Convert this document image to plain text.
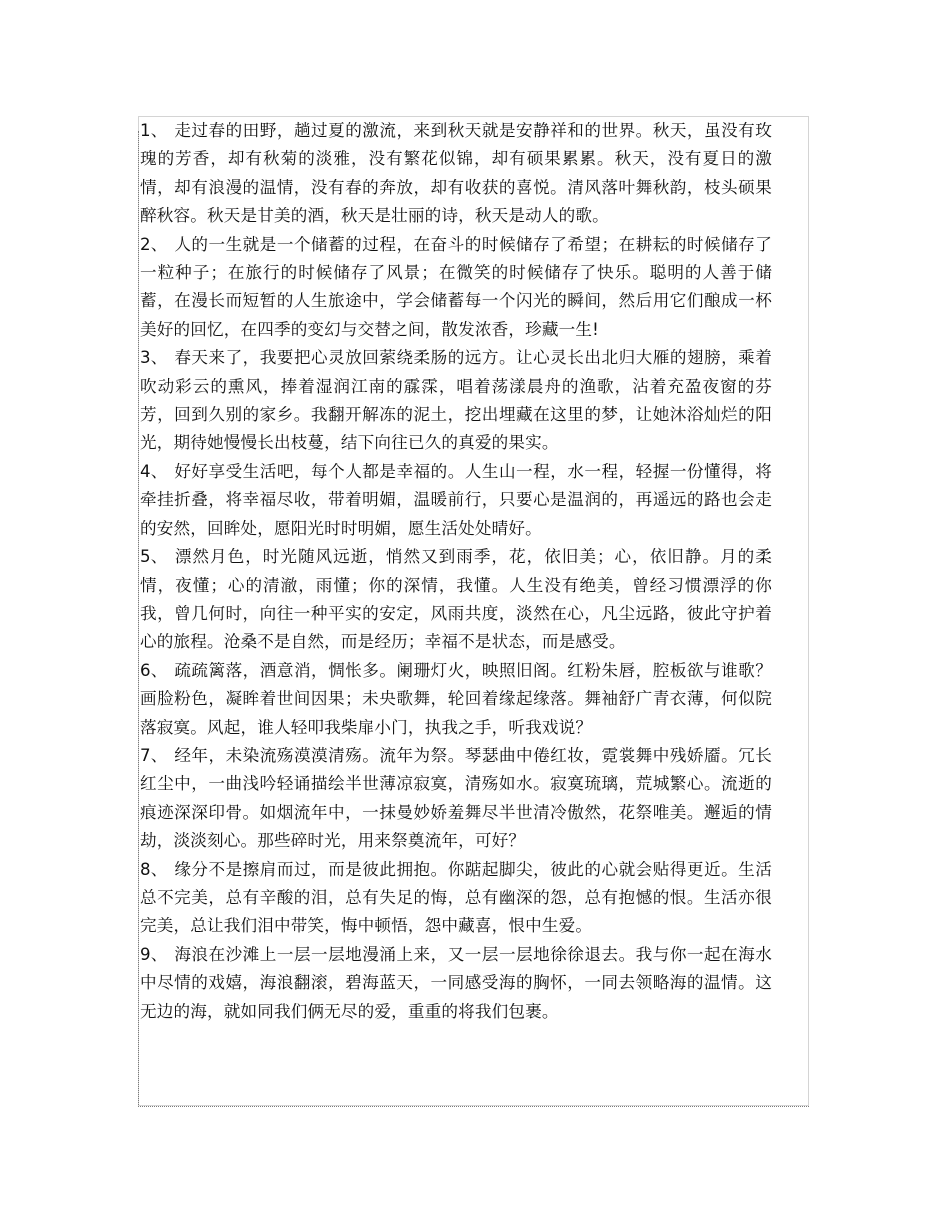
1、 走过春的田野，趟过夏的激流，来到秋天就是安静祥和的世界。秋天，虽没有玫瑰的芳香，却有秋菊的淡雅，没有繁花似锦，却有硕果累累。秋天，没有夏日的激情，却有浪漫的温情，没有春的奔放，却有收获的喜悦。清风落叶舞秋韵，枝头硕果醉秋容。秋天是甘美的酒，秋天是壮丽的诗，秋天是动人的歌。

2、 人的一生就是一个储蓄的过程，在奋斗的时候储存了希望；在耕耘的时候储存了一粒种子；在旅行的时候储存了风景；在微笑的时候储存了快乐。聪明的人善于储蓄，在漫长而短暂的人生旅途中，学会储蓄每一个闪光的瞬间，然后用它们酿成一杯美好的回忆，在四季的变幻与交替之间，散发浓香，珍藏一生!

3、 春天来了，我要把心灵放回萦绕柔肠的远方。让心灵长出北归大雁的翅膀，乘着吹动彩云的熏风，捧着湿润江南的霡霂，唱着荡漾晨舟的渔歌，沾着充盈夜窗的芬芳，回到久别的家乡。我翻开解冻的泥土，挖出埋藏在这里的梦，让她沐浴灿烂的阳光，期待她慢慢长出枝蔓，结下向往已久的真爱的果实。

4、 好好享受生活吧，每个人都是幸福的。人生山一程，水一程，轻握一份懂得，将牵挂折叠，将幸福尽收，带着明媚，温暖前行，只要心是温润的，再遥远的路也会走的安然，回眸处，愿阳光时时明媚，愿生活处处晴好。

5、 漂然月色，时光随风远逝，悄然又到雨季，花，依旧美；心，依旧静。月的柔情，夜懂；心的清澈，雨懂；你的深情，我懂。人生没有绝美，曾经习惯漂浮的你我，曾几何时，向往一种平实的安定，风雨共度，淡然在心，凡尘远路，彼此守护着心的旅程。沧桑不是自然，而是经历；幸福不是状态，而是感受。

6、 疏疏篱落，酒意消，惆怅多。阑珊灯火，映照旧阁。红粉朱唇，腔板欲与谁歌？画脸粉色，凝眸着世间因果；未央歌舞，轮回着缘起缘落。舞袖舒广青衣薄，何似院落寂寞。风起，谁人轻叩我柴扉小门，执我之手，听我戏说？

7、 经年，未染流殇漠漠清殇。流年为祭。琴瑟曲中倦红妆，霓裳舞中残娇靥。冗长红尘中，一曲浅吟轻诵描绘半世薄凉寂寞，清殇如水。寂寞琉璃，荒城繁心。流逝的痕迹深深印骨。如烟流年中，一抹曼妙娇羞舞尽半世清冷傲然，花祭唯美。邂逅的情劫，淡淡刻心。那些碎时光，用来祭奠流年，可好？

8、 缘分不是擦肩而过，而是彼此拥抱。你踮起脚尖，彼此的心就会贴得更近。生活总不完美，总有辛酸的泪，总有失足的悔，总有幽深的怨，总有抱憾的恨。生活亦很完美，总让我们泪中带笑，悔中顿悟，怨中藏喜，恨中生爱。

9、 海浪在沙滩上一层一层地漫涌上来，又一层一层地徐徐退去。我与你一起在海水中尽情的戏嬉，海浪翻滚，碧海蓝天，一同感受海的胸怀，一同去领略海的温情。这无边的海，就如同我们俩无尽的爱，重重的将我们包裹。
